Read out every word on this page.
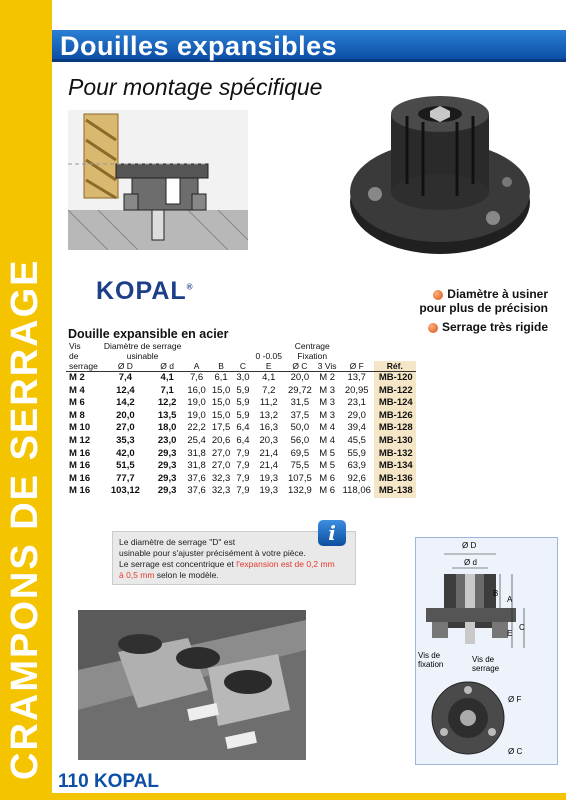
CRAMPONS DE SERRAGE
Douilles expansibles
Pour montage spécifique
KOPAL®	Diamètre à usiner
pour plus de précision
Serrage très rigide
Douille expansible en acier
Vis	Diamètre de serrage						Centrage			
de	usinable					0 -0.05	Fixation			
serrage	Ø D	Ø d	A	B	C	E	Ø C	3 Vis	Ø F	Réf.
M 2	7,4	4,1	7,6	6,1	3,0	4,1	20,0	M 2	13,7	MB-120
M 4	12,4	7,1	16,0	15,0	5,9	7,2	29,72	M 3	20,95	MB-122
M 6	14,2	12,2	19,0	15,0	5,9	11,2	31,5	M 3	23,1	MB-124
M 8	20,0	13,5	19,0	15,0	5,9	13,2	37,5	M 3	29,0	MB-126
M 10	27,0	18,0	22,2	17,5	6,4	16,3	50,0	M 4	39,4	MB-128
M 12	35,3	23,0	25,4	20,6	6,4	20,3	56,0	M 4	45,5	MB-130
M 16	42,0	29,3	31,8	27,0	7,9	21,4	69,5	M 5	55,9	MB-132
M 16	51,5	29,3	31,8	27,0	7,9	21,4	75,5	M 5	63,9	MB-134
M 16	77,7	29,3	37,6	32,3	7,9	19,3	107,5	M 6	92,6	MB-136
M 16	103,12	29,3	37,6	32,3	7,9	19,3	132,9	M 6	118,06	MB-138
Le diamètre de serrage "D" est
usinable pour s'ajuster précisément à votre pièce.
Le serrage est concentrique et l'expansion est de 0,2 mm
à 0,5 mm selon le modèle.
i
Ø D
Ø d
B
A
E
C
Vis de
fixation
Vis de
serrage
Ø F
Ø C
110 KOPAL
